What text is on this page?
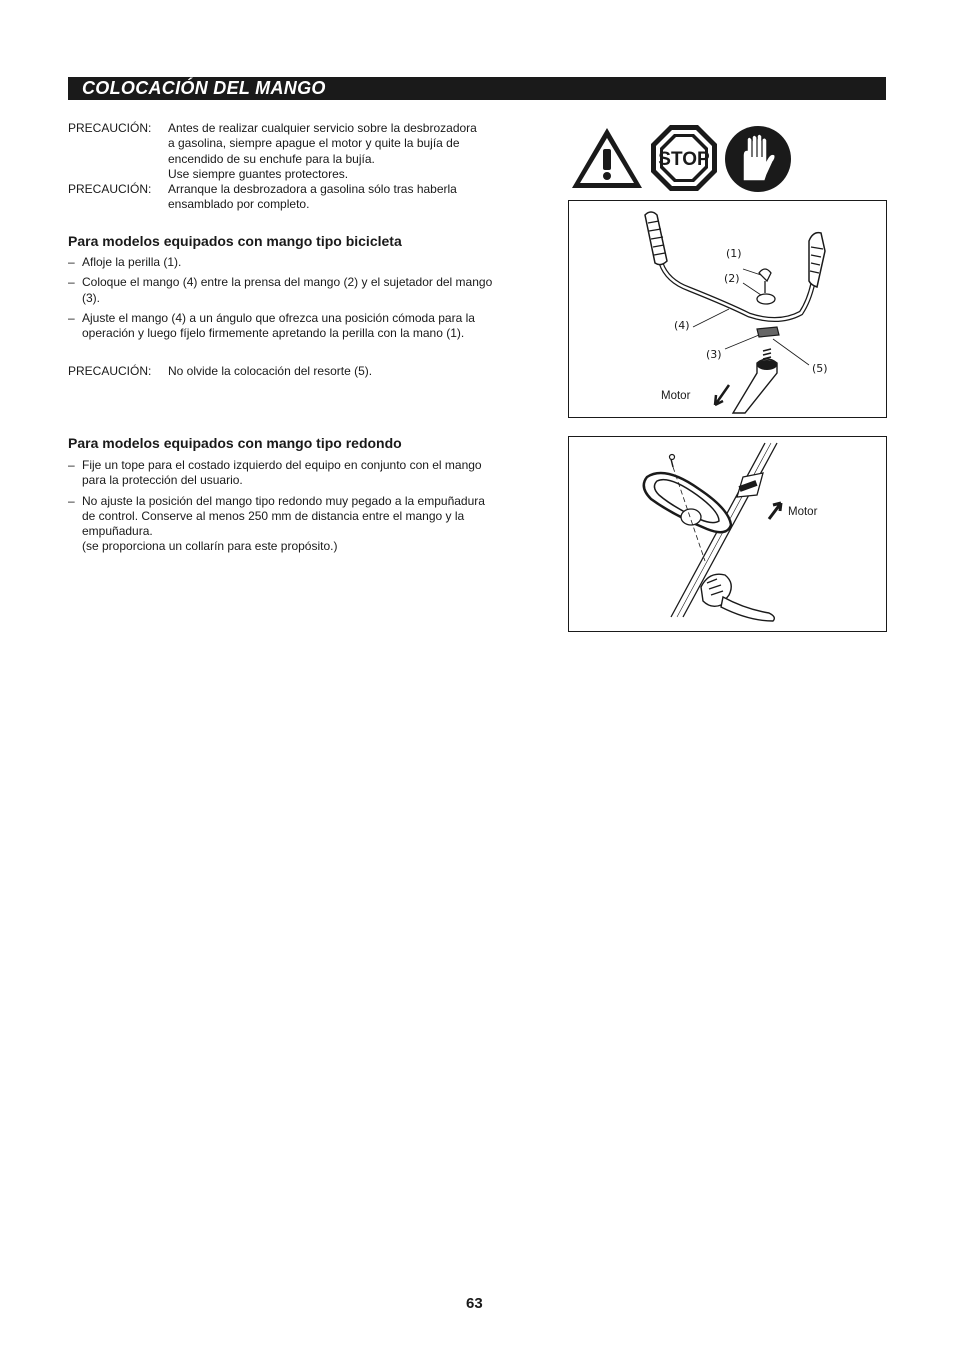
COLOCACIÓN DEL MANGO
PRECAUCIÓN: Antes de realizar cualquier servicio sobre la desbrozadora
a gasolina, siempre apague el motor y quite la bujía de
encendido de su enchufe para la bujía.
Use siempre guantes protectores.
PRECAUCIÓN: Arranque la desbrozadora a gasolina sólo tras haberla
ensamblado por completo.
Para modelos equipados con mango tipo bicicleta
– Afloje la perilla (1).
– Coloque el mango (4) entre la prensa del mango (2) y el sujetador del mango
(3).
– Ajuste el mango (4) a un ángulo que ofrezca una posición cómoda para la
operación y luego fíjelo firmemente apretando la perilla con la mano (1).
PRECAUCIÓN: No olvide la colocación del resorte (5).
Para modelos equipados con mango tipo redondo
– Fije un tope para el costado izquierdo del equipo en conjunto con el mango
para la protección del usuario.
– No ajuste la posición del mango tipo redondo muy pegado a la empuñadura
de control. Conserve al menos 250 mm de distancia entre el mango y la
empuñadura.
(se proporciona un collarín para este propósito.)
STOP
(1)
(2)
(4)
(3)
(5)
Motor
Motor
63
